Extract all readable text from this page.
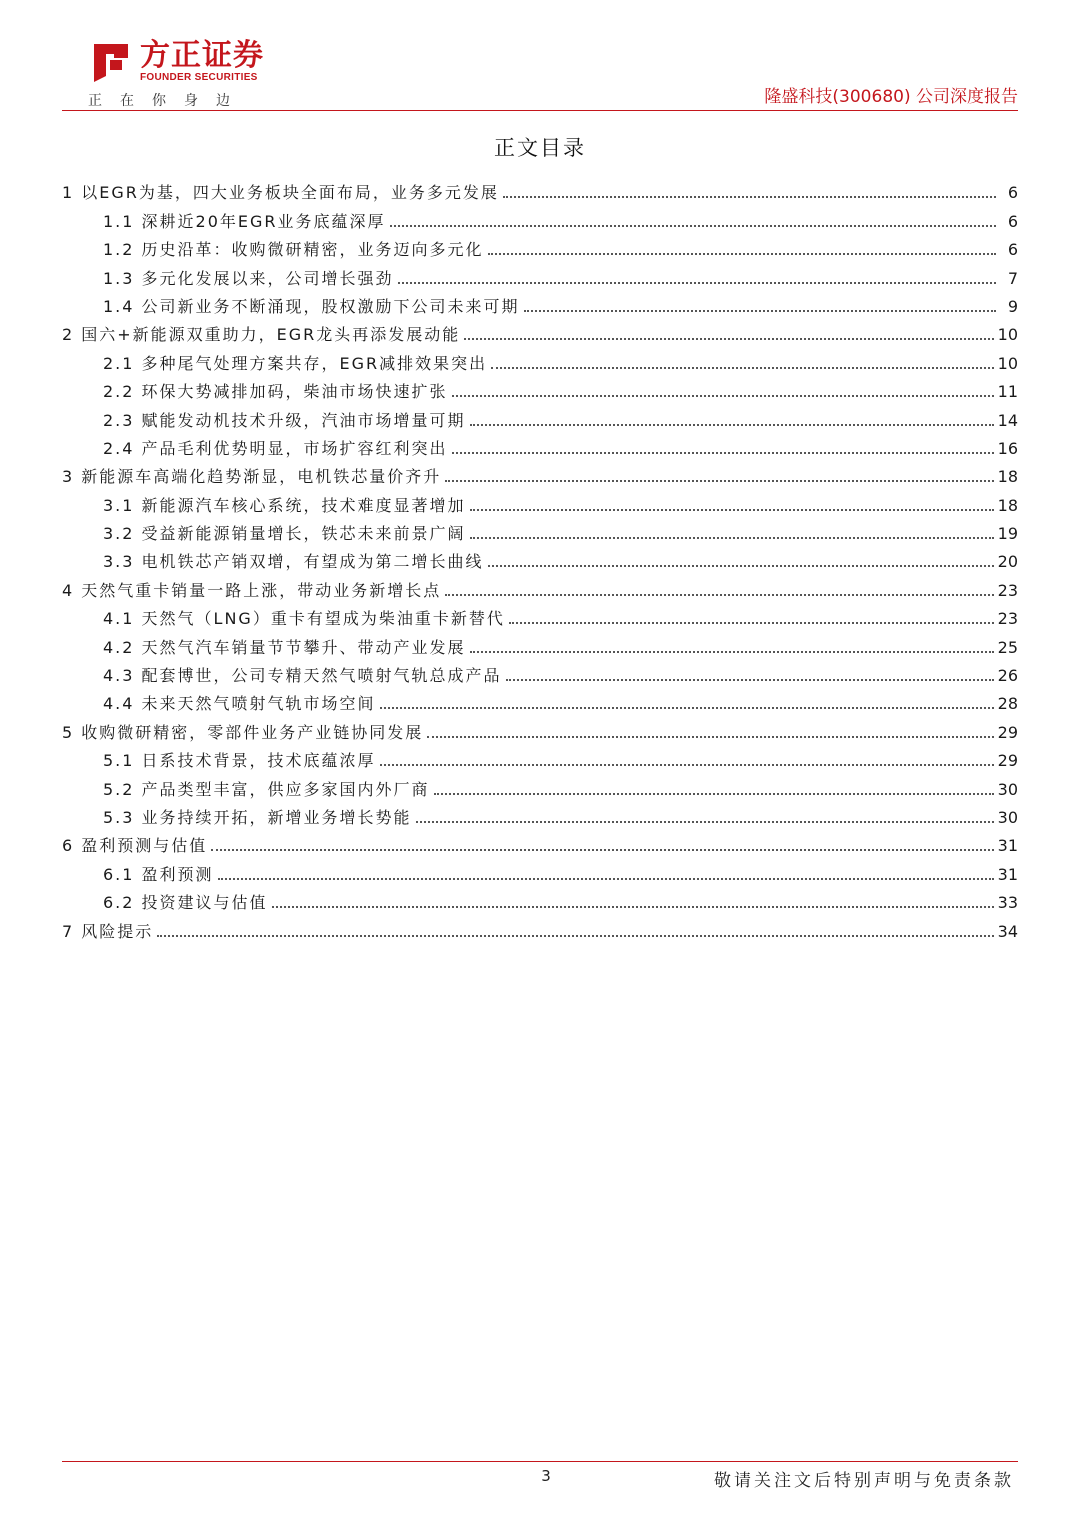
方正证券
FOUNDER SECURITIES
正在你身边	隆盛科技(300680) 公司深度报告
正文目录
1 以EGR为基，四大业务板块全面布局，业务多元发展	6
1.1 深耕近20年EGR业务底蕴深厚	6
1.2 历史沿革：收购微研精密，业务迈向多元化	6
1.3 多元化发展以来，公司增长强劲	7
1.4 公司新业务不断涌现，股权激励下公司未来可期	9
2 国六+新能源双重助力，EGR龙头再添发展动能	10
2.1 多种尾气处理方案共存，EGR减排效果突出	10
2.2 环保大势减排加码，柴油市场快速扩张	11
2.3 赋能发动机技术升级，汽油市场增量可期	14
2.4 产品毛利优势明显，市场扩容红利突出	16
3 新能源车高端化趋势渐显，电机铁芯量价齐升	18
3.1 新能源汽车核心系统，技术难度显著增加	18
3.2 受益新能源销量增长，铁芯未来前景广阔	19
3.3 电机铁芯产销双增，有望成为第二增长曲线	20
4 天然气重卡销量一路上涨，带动业务新增长点	23
4.1 天然气（LNG）重卡有望成为柴油重卡新替代	23
4.2 天然气汽车销量节节攀升、带动产业发展	25
4.3 配套博世，公司专精天然气喷射气轨总成产品	26
4.4 未来天然气喷射气轨市场空间	28
5 收购微研精密，零部件业务产业链协同发展	29
5.1 日系技术背景，技术底蕴浓厚	29
5.2 产品类型丰富，供应多家国内外厂商	30
5.3 业务持续开拓，新增业务增长势能	30
6 盈利预测与估值	31
6.1 盈利预测	31
6.2 投资建议与估值	33
7 风险提示	34
3	敬请关注文后特别声明与免责条款
